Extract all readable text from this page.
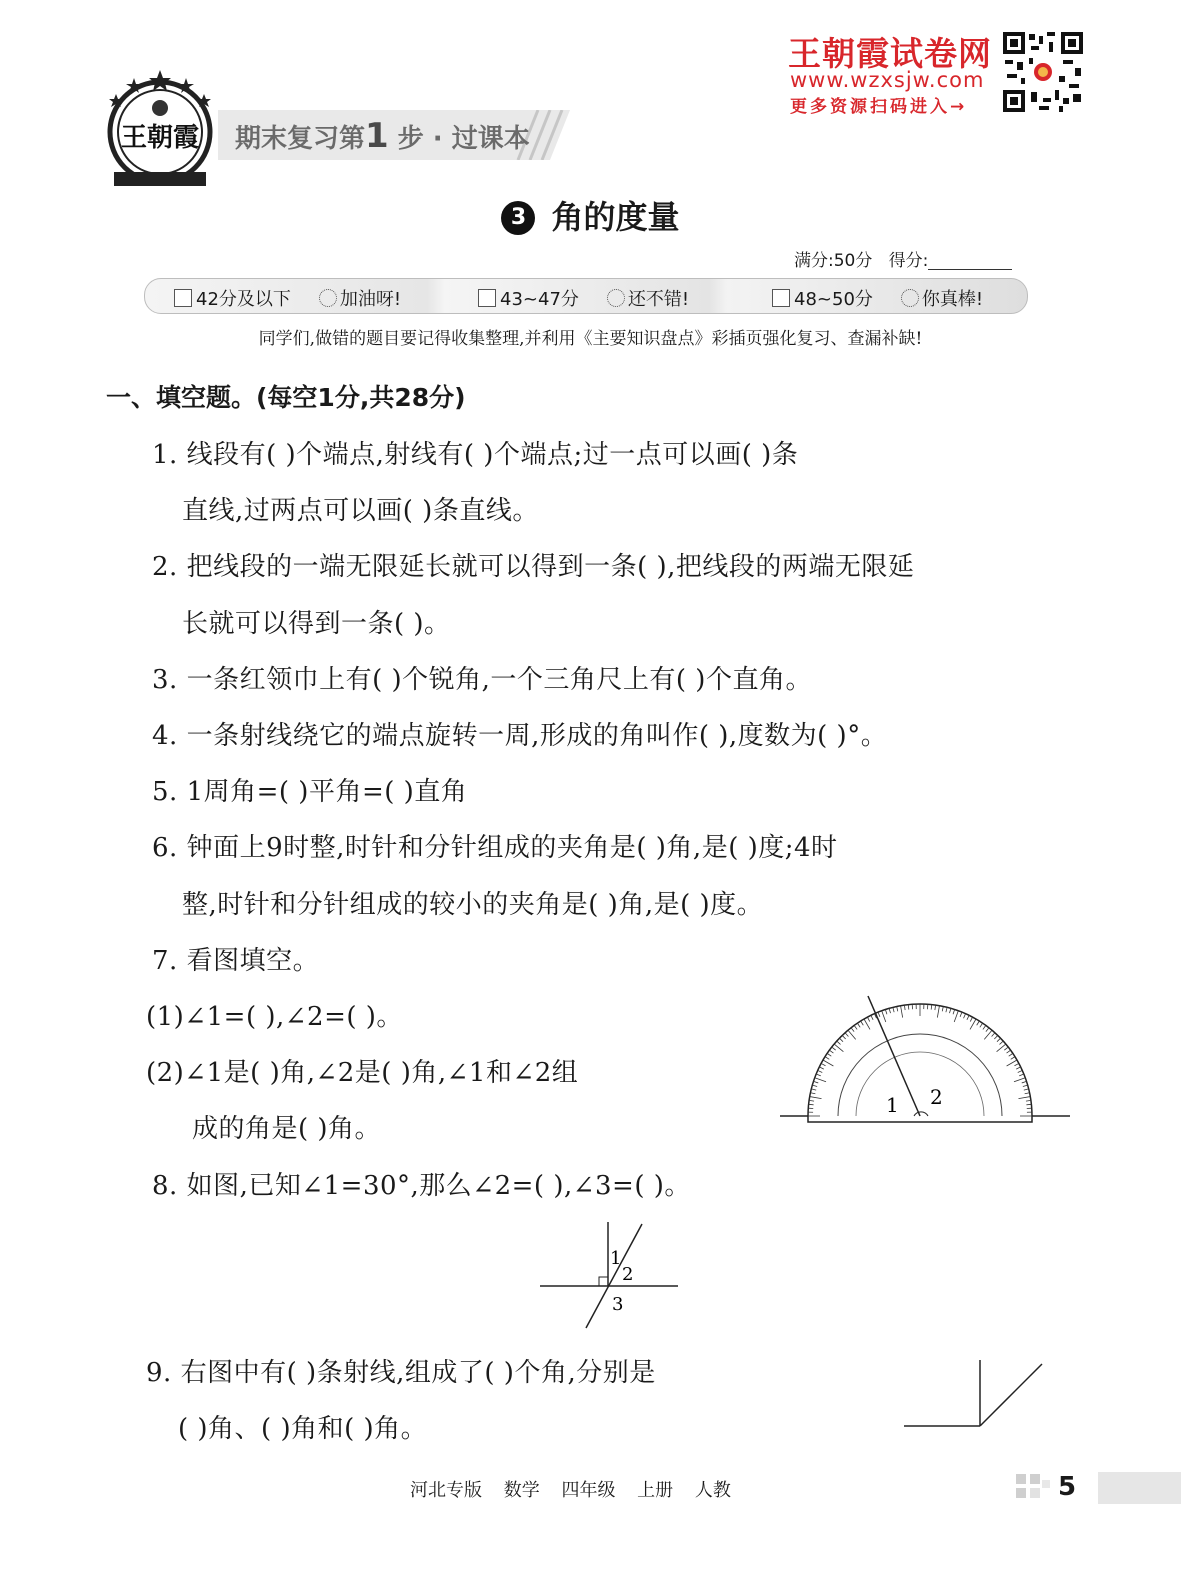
王朝霞 期末复习第1 步 · 过课本
王朝霞试卷网
www.wzxsjw.com
更多资源扫码进入→
3 角的度量
满分:50分 得分:
42分及以下	加油呀!	43~47分	还不错!	48~50分	你真棒!
同学们,做错的题目要记得收集整理,并利用《主要知识盘点》彩插页强化复习、查漏补缺!
一、填空题。(每空1分,共28分)
1. 线段有( )个端点,射线有( )个端点;过一点可以画( )条
直线,过两点可以画( )条直线。
2. 把线段的一端无限延长就可以得到一条( ),把线段的两端无限延
长就可以得到一条( )。
3. 一条红领巾上有( )个锐角,一个三角尺上有( )个直角。
4. 一条射线绕它的端点旋转一周,形成的角叫作( ),度数为( )°。
5. 1周角=( )平角=( )直角
6. 钟面上9时整,时针和分针组成的夹角是( )角,是( )度;4时
整,时针和分针组成的较小的夹角是( )角,是( )度。
7. 看图填空。
(1)∠1=( ),∠2=( )。
(2)∠1是( )角,∠2是( )角,∠1和∠2组
成的角是( )角。
8. 如图,已知∠1=30°,那么∠2=( ),∠3=( )。
9. 右图中有( )条射线,组成了( )个角,分别是
( )角、( )角和( )角。
1 2
1
2
3
河北专版 数学 四年级 上册 人教	5
